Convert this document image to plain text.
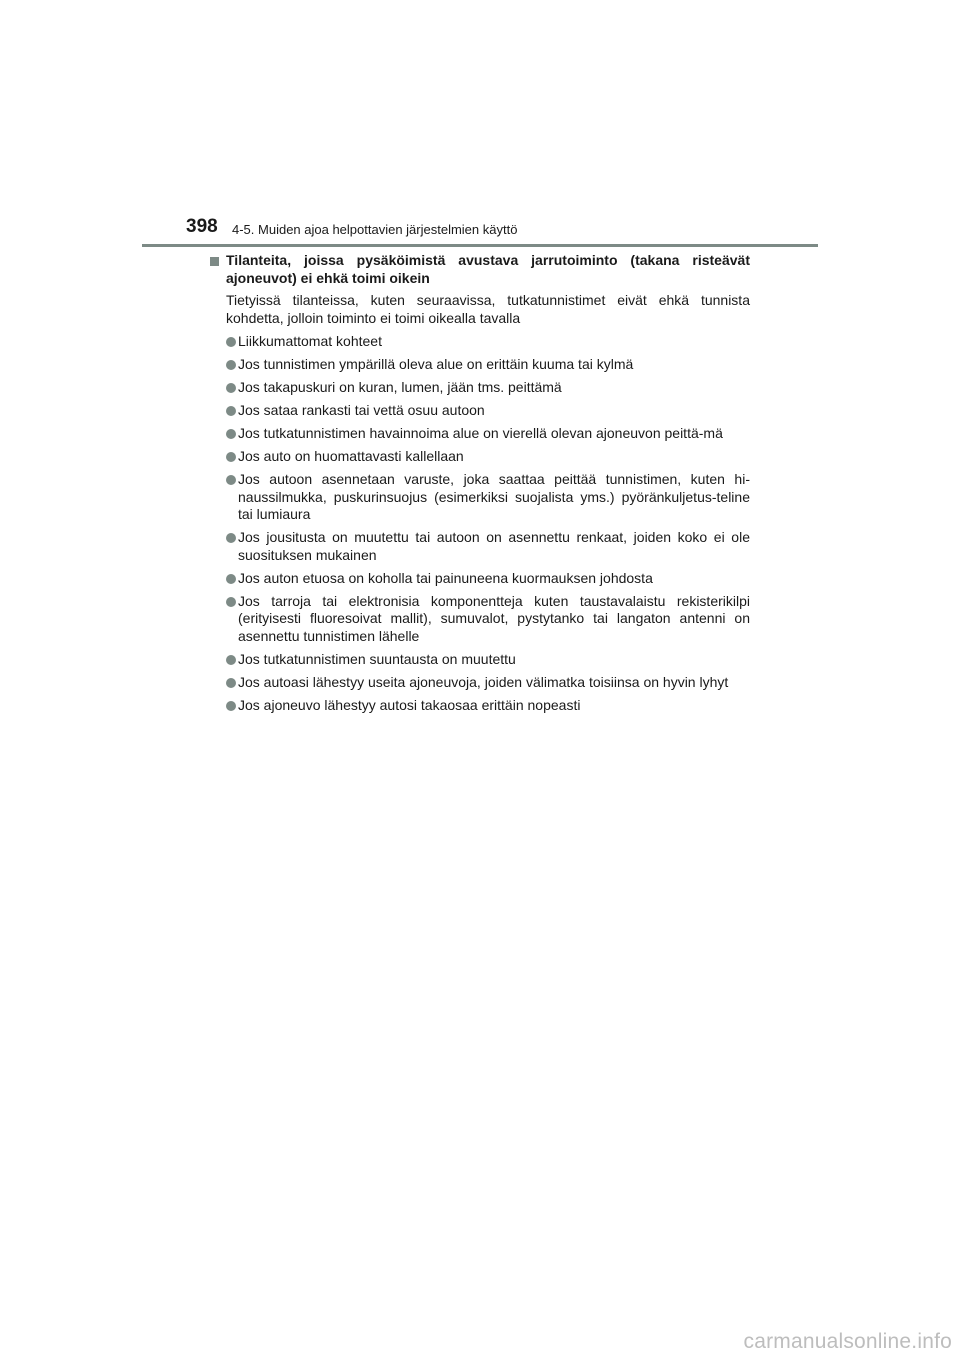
398 4-5. Muiden ajoa helpottavien järjestelmien käyttö
Tilanteita, joissa pysäköimistä avustava jarrutoiminto (takana risteävät ajoneuvot) ei ehkä toimi oikein

Tietyissä tilanteissa, kuten seuraavissa, tutkatunnistimet eivät ehkä tunnista kohdetta, jolloin toiminto ei toimi oikealla tavalla

Liikkumattomat kohteet
Jos tunnistimen ympärillä oleva alue on erittäin kuuma tai kylmä
Jos takapuskuri on kuran, lumen, jään tms. peittämä
Jos sataa rankasti tai vettä osuu autoon
Jos tutkatunnistimen havainnoima alue on vierellä olevan ajoneuvon peittä-mä
Jos auto on huomattavasti kallellaan
Jos autoon asennetaan varuste, joka saattaa peittää tunnistimen, kuten hi-naussilmukka, puskurinsuojus (esimerkiksi suojalista yms.) pyöränkuljetus-teline tai lumiaura
Jos jousitusta on muutettu tai autoon on asennettu renkaat, joiden koko ei ole suosituksen mukainen
Jos auton etuosa on koholla tai painuneena kuormauksen johdosta
Jos tarroja tai elektronisia komponentteja kuten taustavalaistu rekisterikilpi (erityisesti fluoresoivat mallit), sumuvalot, pystytanko tai langaton antenni on asennettu tunnistimen lähelle
Jos tutkatunnistimen suuntausta on muutettu
Jos autoasi lähestyy useita ajoneuvoja, joiden välimatka toisiinsa on hyvin lyhyt
Jos ajoneuvo lähestyy autosi takaosaa erittäin nopeasti
carmanualsonline.info
